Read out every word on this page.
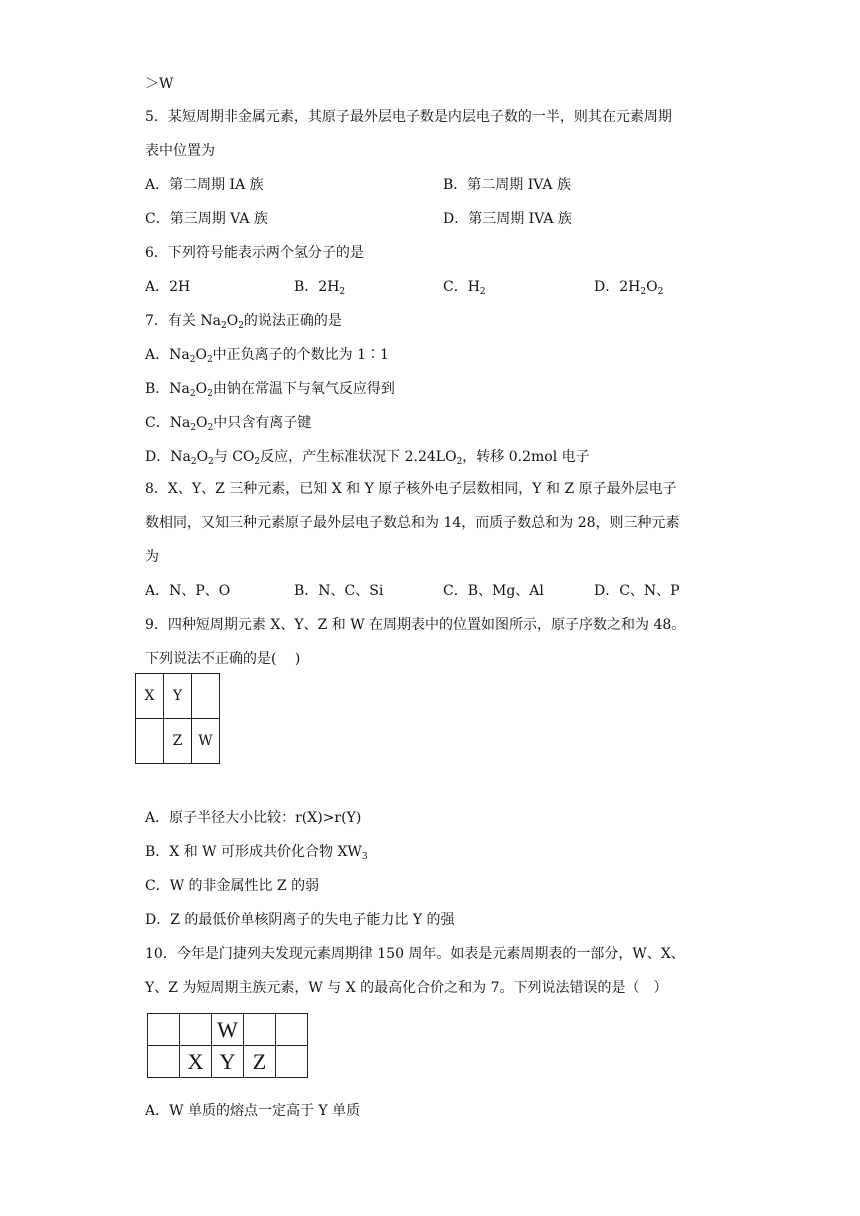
＞W
5．某短周期非金属元素，其原子最外层电子数是内层电子数的一半，则其在元素周期
表中位置为
A．第二周期 IA 族	B．第二周期 IVA 族
C．第三周期 VA 族	D．第三周期 IVA 族
6．下列符号能表示两个氢分子的是
A．2H	B．$2H_2$	C．$H_2$	D．$2H_2O_2$
7．有关 $Na_2O_2$的说法正确的是
A．$Na_2O_2$中正负离子的个数比为 1∶1
B．$Na_2O_2$由钠在常温下与氧气反应得到
C．$Na_2O_2$中只含有离子键
D．$Na_2O_2$与 $CO_2$反应，产生标准状况下 $2.24LO_2$，转移 0.2mol 电子
8．X、Y、Z 三种元素，已知 X 和 Y 原子核外电子层数相同，Y 和 Z 原子最外层电子
数相同，又知三种元素原子最外层电子数总和为 14，而质子数总和为 28，则三种元素
为
A．N、P、O	B．N、C、Si	C．B、Mg、Al	D．C、N、P
9．四种短周期元素 X、Y、Z 和 W 在周期表中的位置如图所示，原子序数之和为 48。
下列说法不正确的是(　 )
X	Y	
	Z	W
A．原子半径大小比较：r(X)>r(Y)
B．X 和 W 可形成共价化合物 $XW_3$
C．W 的非金属性比 Z 的弱
D．Z 的最低价单核阴离子的失电子能力比 Y 的强
10．今年是门捷列夫发现元素周期律 150 周年。如表是元素周期表的一部分，W、X、
Y、Z 为短周期主族元素，W 与 X 的最高化合价之和为 7。下列说法错误的是（　）
		W		
	X	Y	Z	
A．W 单质的熔点一定高于 Y 单质
